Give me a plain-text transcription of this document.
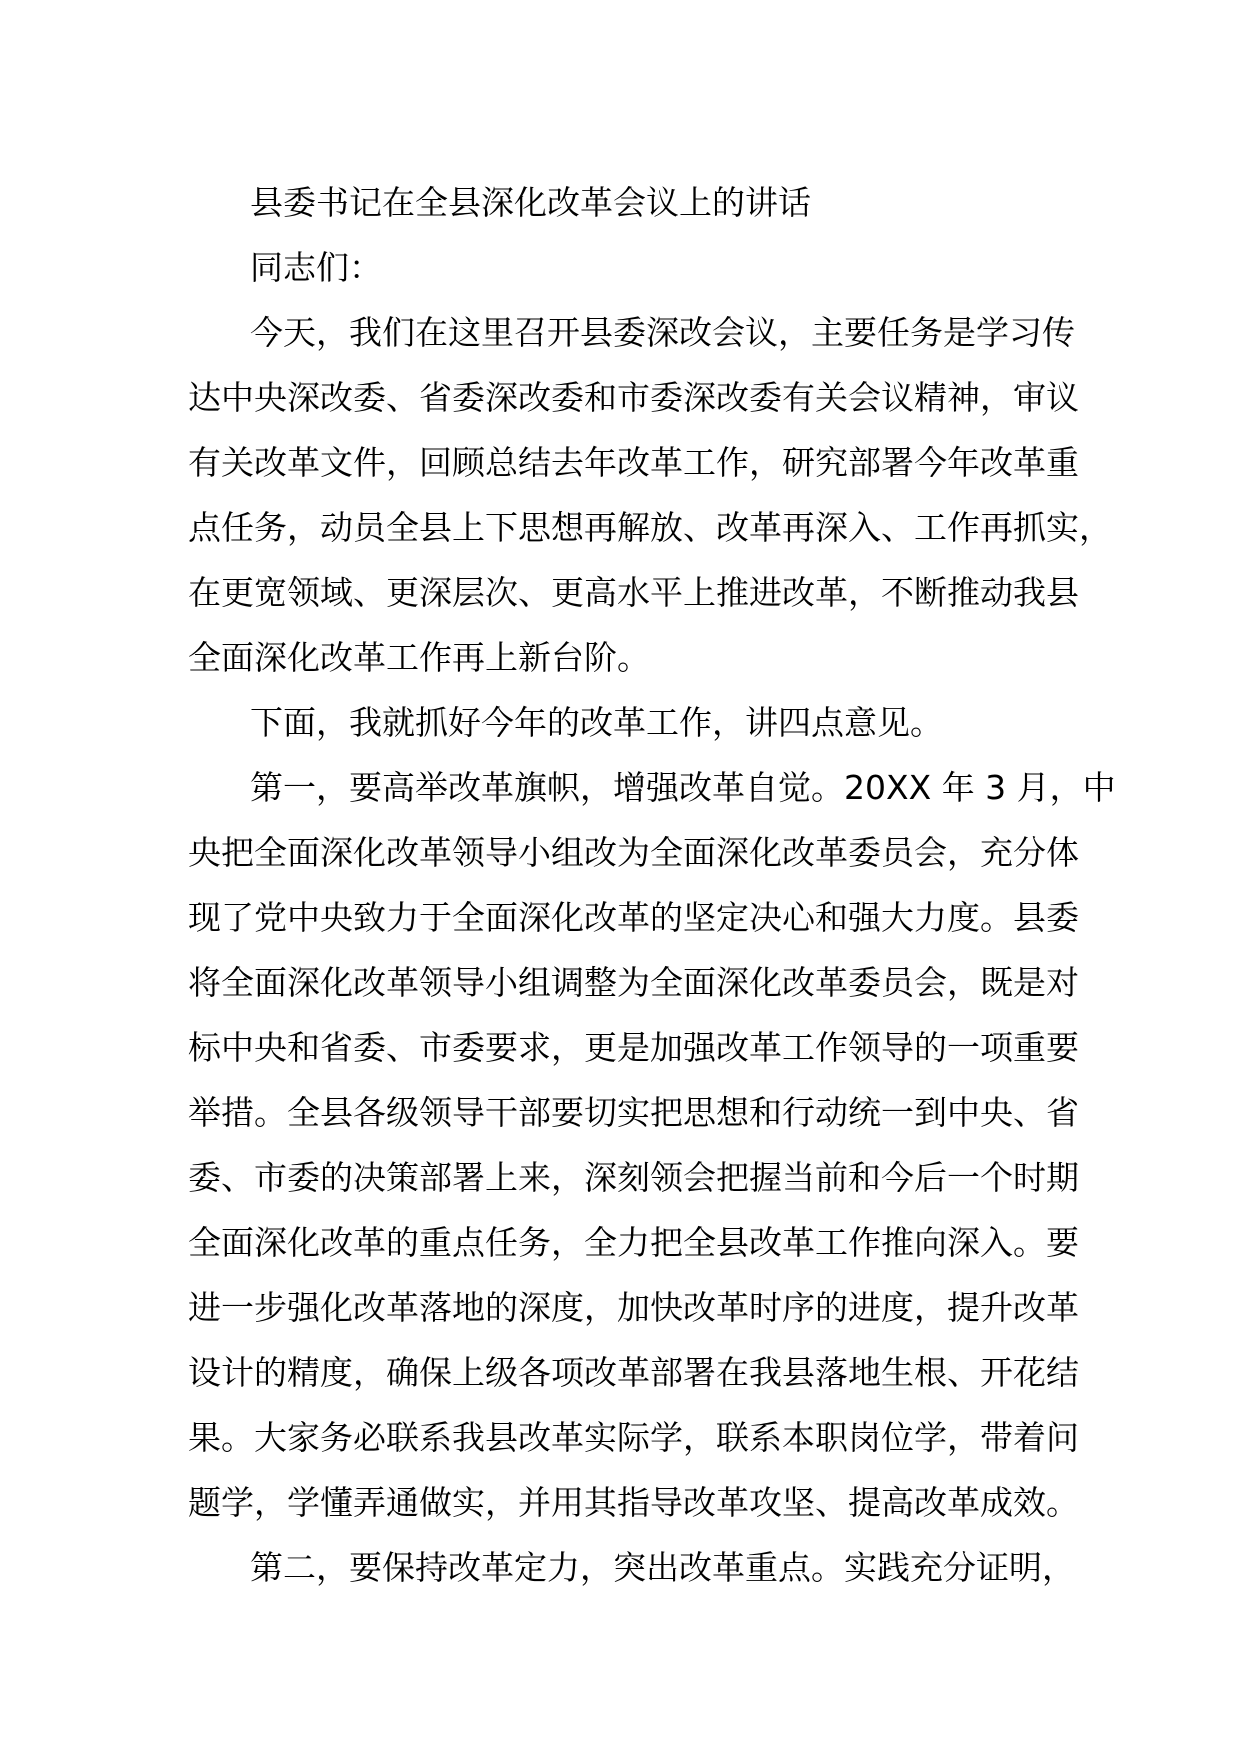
县委书记在全县深化改革会议上的讲话
同志们：
今天，我们在这里召开县委深改会议，主要任务是学习传
达中央深改委、省委深改委和市委深改委有关会议精神，审议
有关改革文件，回顾总结去年改革工作，研究部署今年改革重
点任务，动员全县上下思想再解放、改革再深入、工作再抓实，
在更宽领域、更深层次、更高水平上推进改革，不断推动我县
全面深化改革工作再上新台阶。
下面，我就抓好今年的改革工作，讲四点意见。
第一，要高举改革旗帜，增强改革自觉。20XX 年 3 月，中
央把全面深化改革领导小组改为全面深化改革委员会，充分体
现了党中央致力于全面深化改革的坚定决心和强大力度。县委
将全面深化改革领导小组调整为全面深化改革委员会，既是对
标中央和省委、市委要求，更是加强改革工作领导的一项重要
举措。全县各级领导干部要切实把思想和行动统一到中央、省
委、市委的决策部署上来，深刻领会把握当前和今后一个时期
全面深化改革的重点任务，全力把全县改革工作推向深入。要
进一步强化改革落地的深度，加快改革时序的进度，提升改革
设计的精度，确保上级各项改革部署在我县落地生根、开花结
果。大家务必联系我县改革实际学，联系本职岗位学，带着问
题学，学懂弄通做实，并用其指导改革攻坚、提高改革成效。
第二，要保持改革定力，突出改革重点。实践充分证明，
